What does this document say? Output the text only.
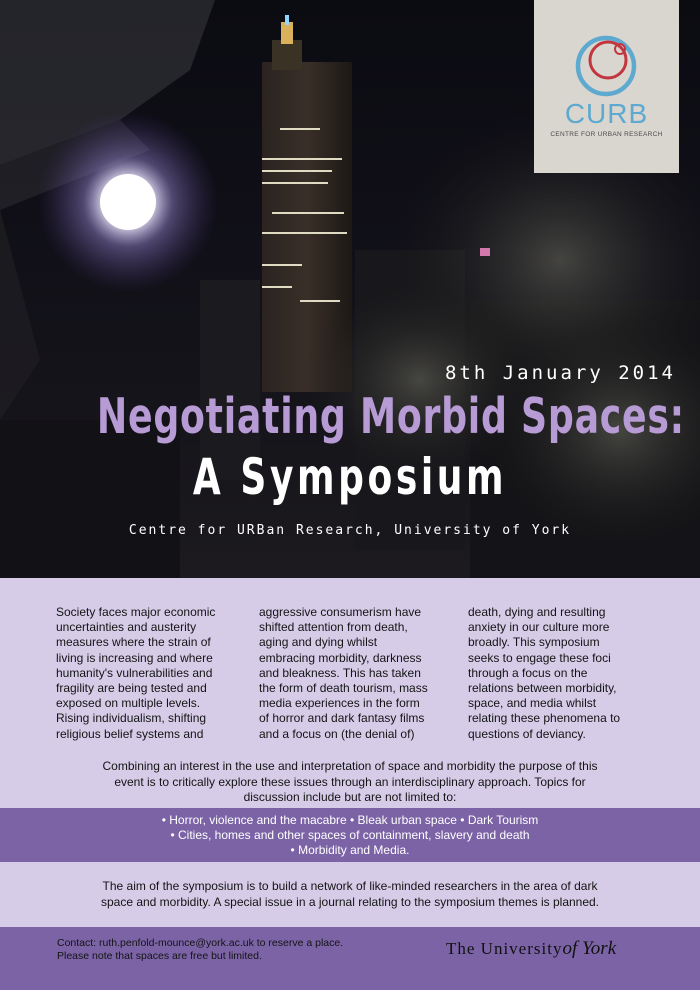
CURB
CENTRE FOR URBAN RESEARCH
8th January 2014
Negotiating Morbid Spaces:
A Symposium
Centre for URBan Research, University of York
Society faces major economic
uncertainties and austerity
measures where the strain of
living is increasing and where
humanity's vulnerabilities and
fragility are being tested and
exposed on multiple levels.
Rising individualism, shifting
religious belief systems and
aggressive consumerism have
shifted attention from death,
aging and dying whilst
embracing morbidity, darkness
and bleakness. This has taken
the form of death tourism, mass
media experiences in the form
of horror and dark fantasy films
and a focus on (the denial of)
death, dying and resulting
anxiety in our culture more
broadly. This symposium
seeks to engage these foci
through a focus on the
relations between morbidity,
space, and media whilst
relating these phenomena to
questions of deviancy.
Combining an interest in the use and interpretation of space and morbidity the purpose of this
event is to critically explore these issues through an interdisciplinary approach. Topics for
discussion include but are not limited to:
• Horror, violence and the macabre • Bleak urban space • Dark Tourism
• Cities, homes and other spaces of containment, slavery and death
• Morbidity and Media.
The aim of the symposium is to build a network of like-minded researchers in the area of dark
space and morbidity. A special issue in a journal relating to the symposium themes is planned.
Contact: ruth.penfold-mounce@york.ac.uk to reserve a place.
Please note that spaces are free but limited.	The Universityof York
